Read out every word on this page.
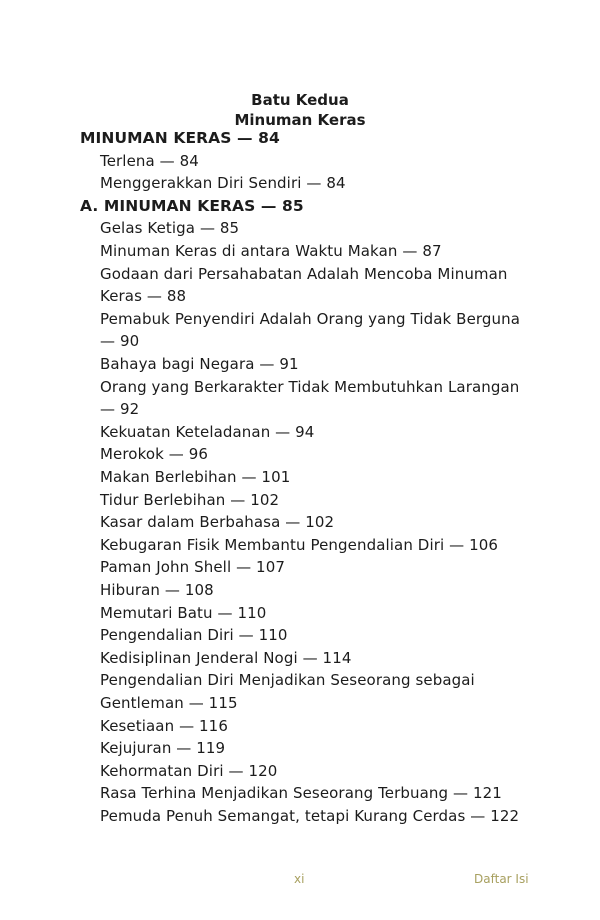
Batu Kedua
Minuman Keras
MINUMAN KERAS — 84
Terlena — 84
Menggerakkan Diri Sendiri — 84
A. MINUMAN KERAS — 85
Gelas Ketiga — 85
Minuman Keras di antara Waktu Makan — 87
Godaan dari Persahabatan Adalah Mencoba Minuman
Keras — 88
Pemabuk Penyendiri Adalah Orang yang Tidak Berguna
— 90
Bahaya bagi Negara — 91
Orang yang Berkarakter Tidak Membutuhkan Larangan
— 92
Kekuatan Keteladanan — 94
Merokok — 96
Makan Berlebihan — 101
Tidur Berlebihan — 102
Kasar dalam Berbahasa — 102
Kebugaran Fisik Membantu Pengendalian Diri — 106
Paman John Shell — 107
Hiburan — 108
Memutari Batu — 110
Pengendalian Diri — 110
Kedisiplinan Jenderal Nogi — 114
Pengendalian Diri Menjadikan Seseorang sebagai
Gentleman — 115
Kesetiaan — 116
Kejujuran — 119
Kehormatan Diri — 120
Rasa Terhina Menjadikan Seseorang Terbuang — 121
Pemuda Penuh Semangat, tetapi Kurang Cerdas — 122
xi	Daftar Isi
